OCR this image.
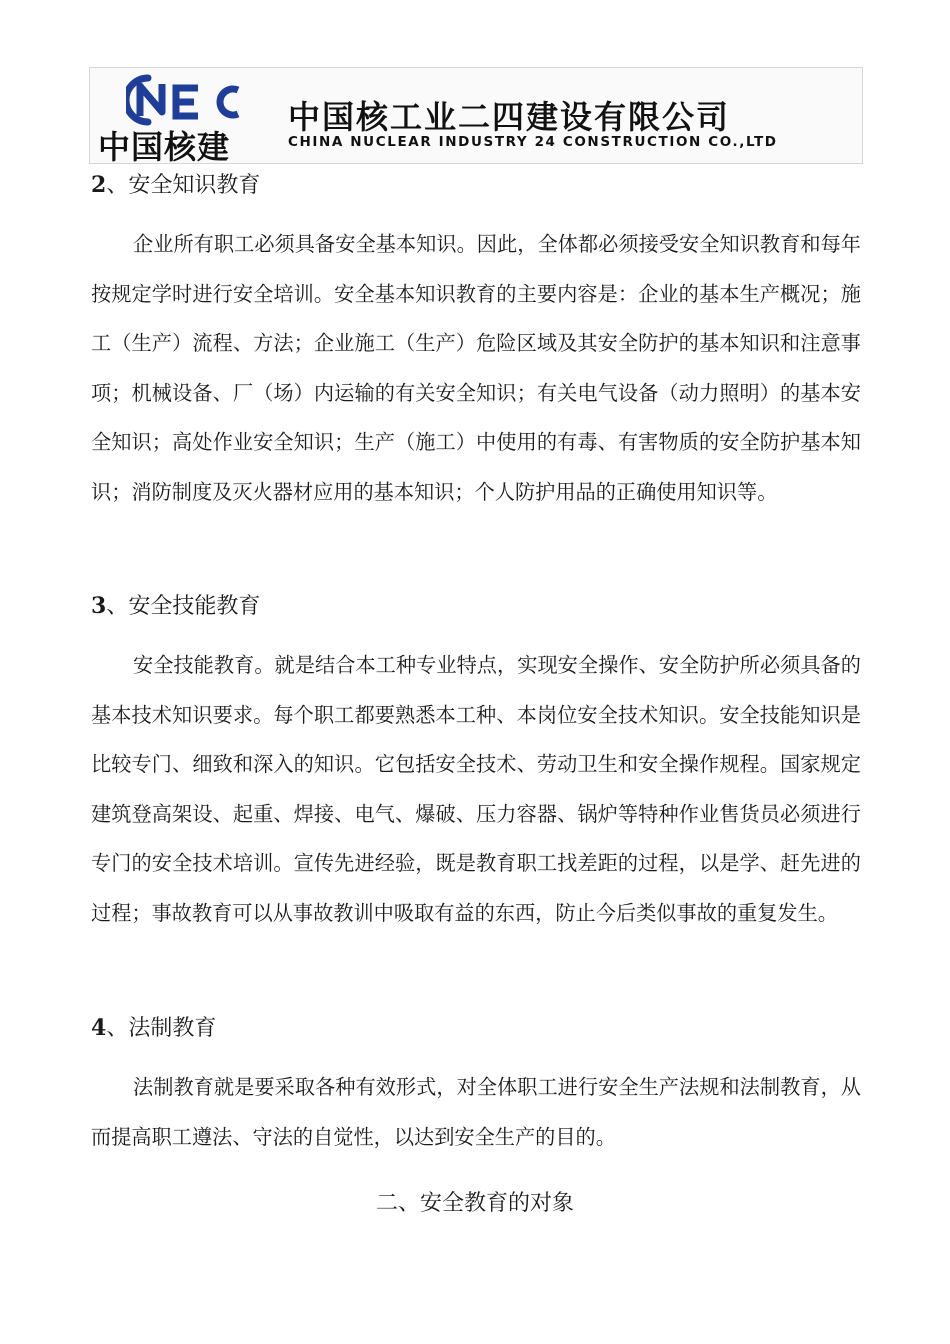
中国核建
中国核工业二四建设有限公司
CHINA NUCLEAR INDUSTRY 24 CONSTRUCTION CO.,LTD
2、安全知识教育

企业所有职工必须具备安全基本知识。因此，全体都必须接受安全知识教育和每年按规定学时进行安全培训。安全基本知识教育的主要内容是：企业的基本生产概况；施工（生产）流程、方法；企业施工（生产）危险区域及其安全防护的基本知识和注意事项；机械设备、厂（场）内运输的有关安全知识；有关电气设备（动力照明）的基本安全知识；高处作业安全知识；生产（施工）中使用的有毒、有害物质的安全防护基本知识；消防制度及灭火器材应用的基本知识；个人防护用品的正确使用知识等。

3、安全技能教育

安全技能教育。就是结合本工种专业特点，实现安全操作、安全防护所必须具备的基本技术知识要求。每个职工都要熟悉本工种、本岗位安全技术知识。安全技能知识是比较专门、细致和深入的知识。它包括安全技术、劳动卫生和安全操作规程。国家规定建筑登高架设、起重、焊接、电气、爆破、压力容器、锅炉等特种作业售货员必须进行专门的安全技术培训。宣传先进经验，既是教育职工找差距的过程，以是学、赶先进的过程；事故教育可以从事故教训中吸取有益的东西，防止今后类似事故的重复发生。

4、法制教育

法制教育就是要采取各种有效形式，对全体职工进行安全生产法规和法制教育，从而提高职工遵法、守法的自觉性，以达到安全生产的目的。

二、安全教育的对象
